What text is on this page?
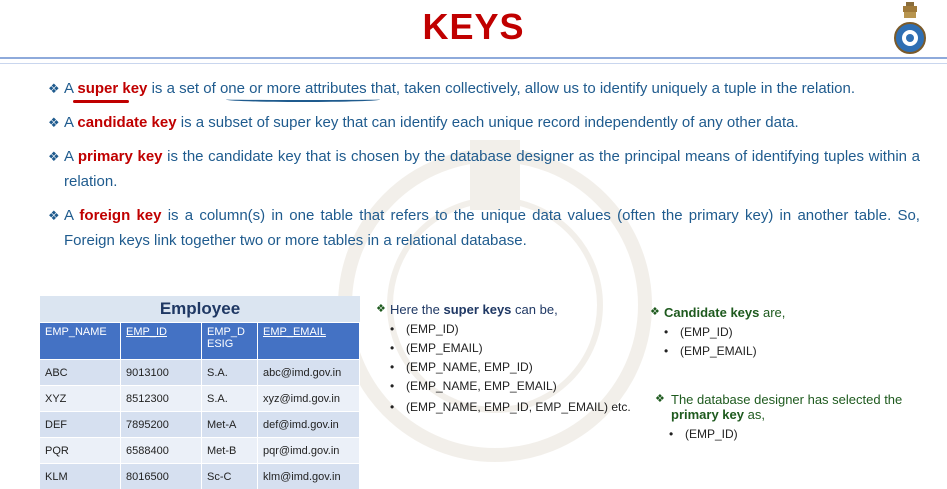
KEYS
❖ A super key is a set of one or more attributes that, taken collectively, allow us to identify uniquely a tuple in the relation.
❖ A candidate key is a subset of super key that can identify each unique record independently of any other data.
❖ A primary key is the candidate key that is chosen by the database designer as the principal means of identifying tuples within a relation.
❖ A foreign key is a column(s) in one table that refers to the unique data values (often the primary key) in another table. So, Foreign keys link together two or more tables in a relational database.
Employee
EMP_NAME	EMP_ID	EMP_D ESIG	EMP_EMAIL
ABC	9013100	S.A.	abc@imd.gov.in
XYZ	8512300	S.A.	xyz@imd.gov.in
DEF	7895200	Met-A	def@imd.gov.in
PQR	6588400	Met-B	pqr@imd.gov.in
KLM	8016500	Sc-C	klm@imd.gov.in
❖ Here the super keys can be,
• (EMP_ID)
• (EMP_EMAIL)
• (EMP_NAME, EMP_ID)
• (EMP_NAME, EMP_EMAIL)
• (EMP_NAME, EMP_ID, EMP_EMAIL) etc.
❖ Candidate keys are,
• (EMP_ID)
• (EMP_EMAIL)
❖ The database designer has selected the primary key as,
• (EMP_ID)
